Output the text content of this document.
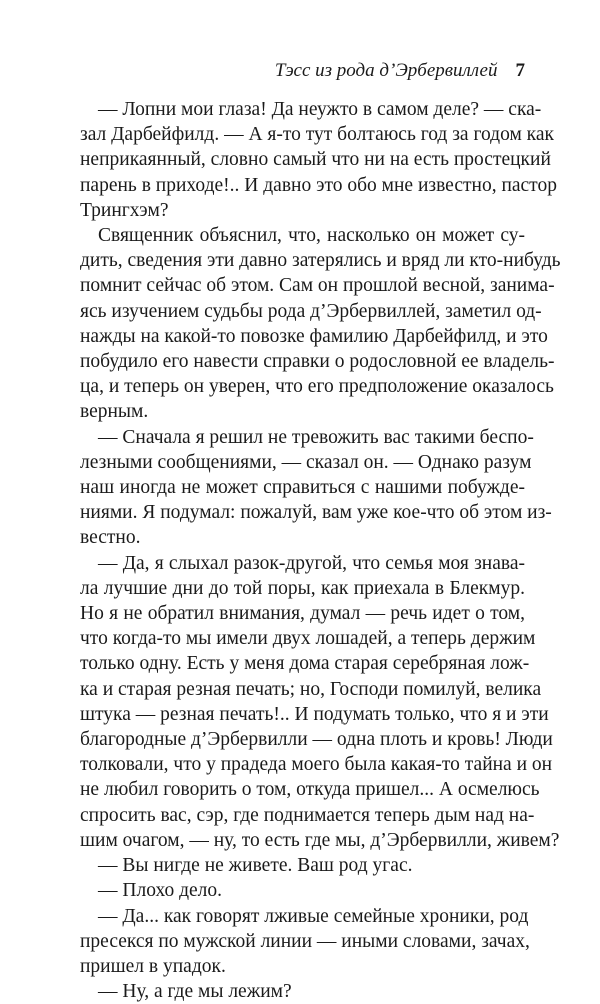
Тэсс из рода д’Эрбервиллей 7

— Лопни мои глаза! Да неужто в самом деле? — ска-
зал Дарбейфилд. — А я-то тут болтаюсь год за годом как
неприкаянный, словно самый что ни на есть простецкий
парень в приходе!.. И давно это обо мне известно, пастор
Трингхэм?

Священник объяснил, что, насколько он может су-
дить, сведения эти давно затерялись и вряд ли кто-нибудь
помнит сейчас об этом. Сам он прошлой весной, занима-
ясь изучением судьбы рода д’Эрбервиллей, заметил од-
нажды на какой-то повозке фамилию Дарбейфилд, и это
побудило его навести справки о родословной ее владель-
ца, и теперь он уверен, что его предположение оказалось
верным.

— Сначала я решил не тревожить вас такими беспо-
лезными сообщениями, — сказал он. — Однако разум
наш иногда не может справиться с нашими побужде-
ниями. Я подумал: пожалуй, вам уже кое-что об этом из-
вестно.

— Да, я слыхал разок-другой, что семья моя знава-
ла лучшие дни до той поры, как приехала в Блекмур.
Но я не обратил внимания, думал — речь идет о том,
что когда-то мы имели двух лошадей, а теперь держим
только одну. Есть у меня дома старая серебряная лож-
ка и старая резная печать; но, Господи помилуй, велика
штука — резная печать!.. И подумать только, что я и эти
благородные д’Эрбервилли — одна плоть и кровь! Люди
толковали, что у прадеда моего была какая-то тайна и он
не любил говорить о том, откуда пришел... А осмелюсь
спросить вас, сэр, где поднимается теперь дым над на-
шим очагом, — ну, то есть где мы, д’Эрбервилли, живем?

— Вы нигде не живете. Ваш род угас.

— Плохо дело.

— Да... как говорят лживые семейные хроники, род
пресекся по мужской линии — иными словами, зачах,
пришел в упадок.

— Ну, а где мы лежим?
